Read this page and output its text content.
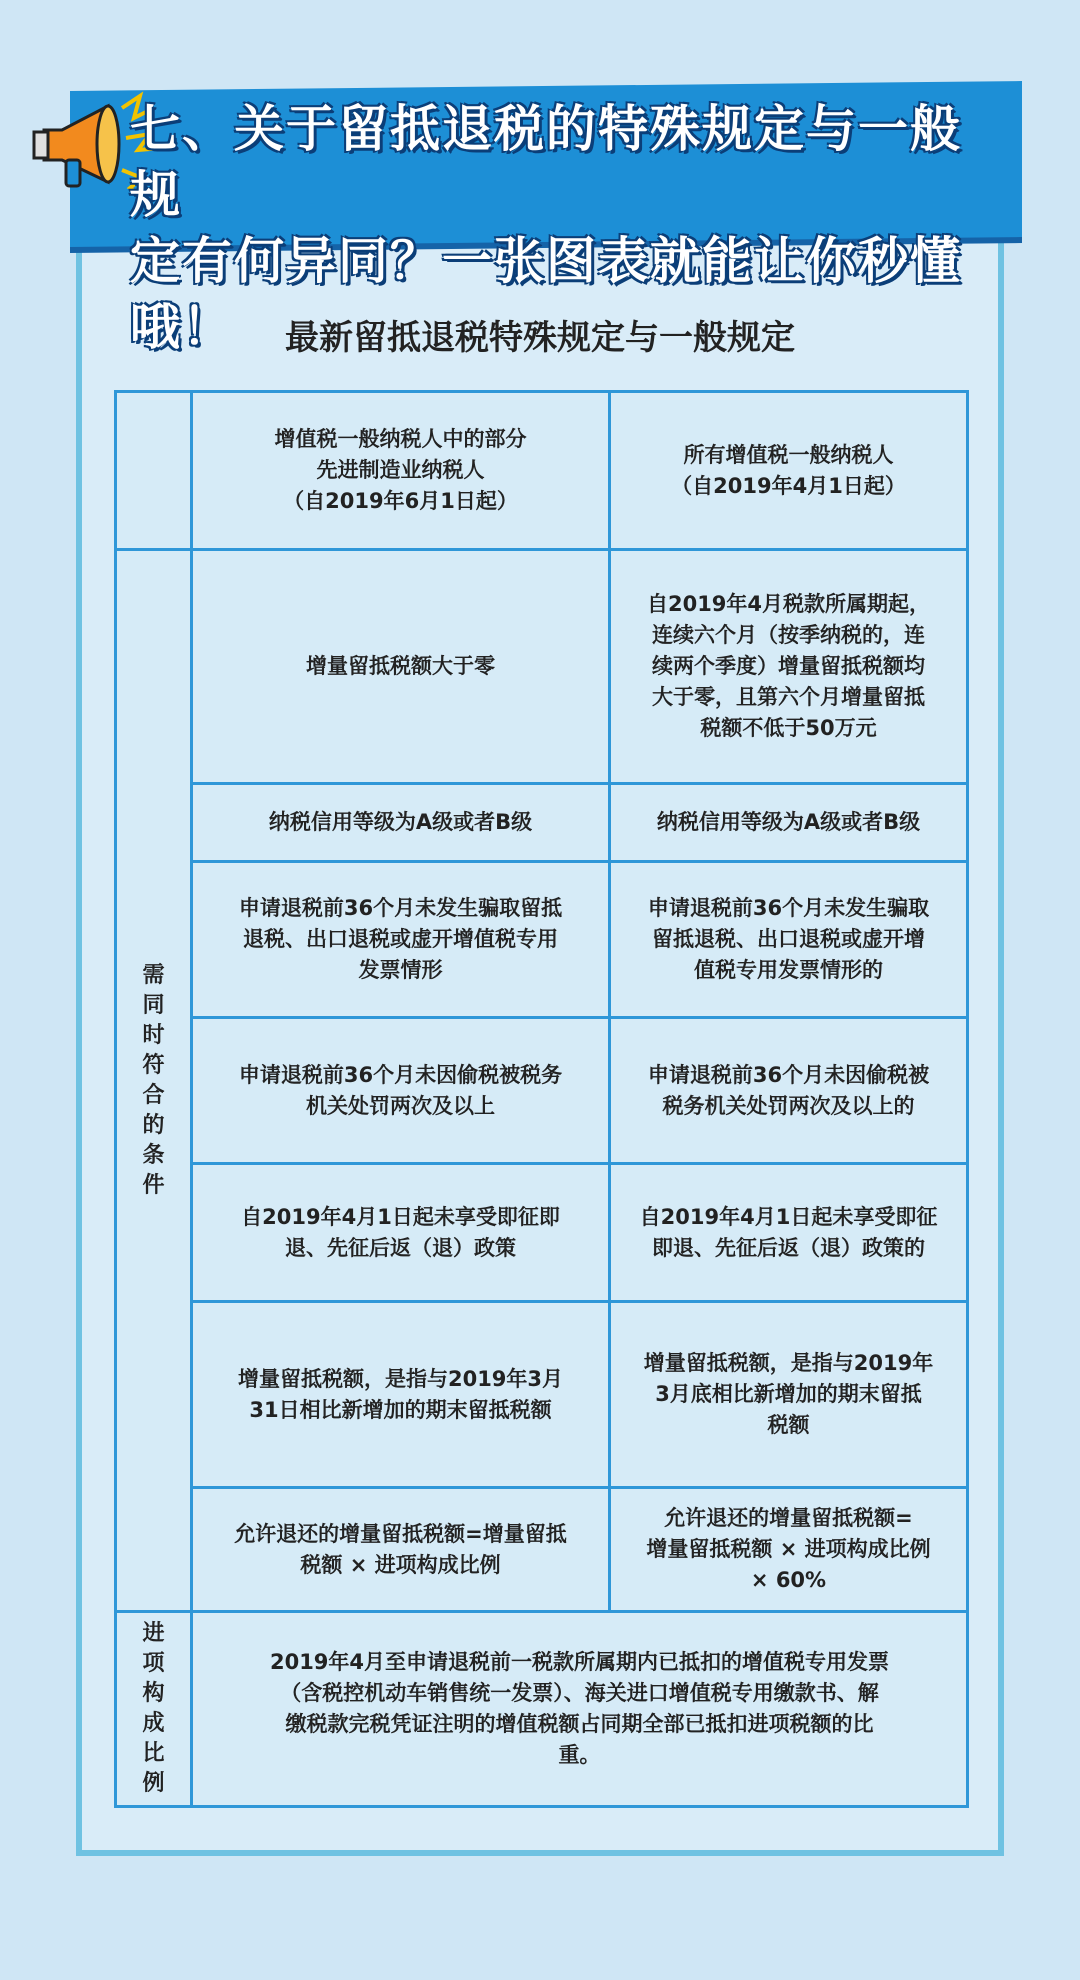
七、关于留抵退税的特殊规定与一般规
定有何异同？一张图表就能让你秒懂哦！	最新留抵退税特殊规定与一般规定
	增值税一般纳税人中的部分
先进制造业纳税人
（自2019年6月1日起）	所有增值税一般纳税人
（自2019年4月1日起）
需同时符合的条件	增量留抵税额大于零	自2019年4月税款所属期起，
连续六个月（按季纳税的，连
续两个季度）增量留抵税额均
大于零，且第六个月增量留抵
税额不低于50万元
	纳税信用等级为A级或者B级	纳税信用等级为A级或者B级
	申请退税前36个月未发生骗取留抵
退税、出口退税或虚开增值税专用
发票情形	申请退税前36个月未发生骗取
留抵退税、出口退税或虚开增
值税专用发票情形的
	申请退税前36个月未因偷税被税务
机关处罚两次及以上	申请退税前36个月未因偷税被
税务机关处罚两次及以上的
	自2019年4月1日起未享受即征即
退、先征后返（退）政策	自2019年4月1日起未享受即征
即退、先征后返（退）政策的
	增量留抵税额，是指与2019年3月
31日相比新增加的期末留抵税额	增量留抵税额，是指与2019年
3月底相比新增加的期末留抵
税额
	允许退还的增量留抵税额=增量留抵
税额 × 进项构成比例	允许退还的增量留抵税额=
增量留抵税额 × 进项构成比例
× 60%
进项构成比例	2019年4月至申请退税前一税款所属期内已抵扣的增值税专用发票
（含税控机动车销售统一发票）、海关进口增值税专用缴款书、解
缴税款完税凭证注明的增值税额占同期全部已抵扣进项税额的比
重。	
